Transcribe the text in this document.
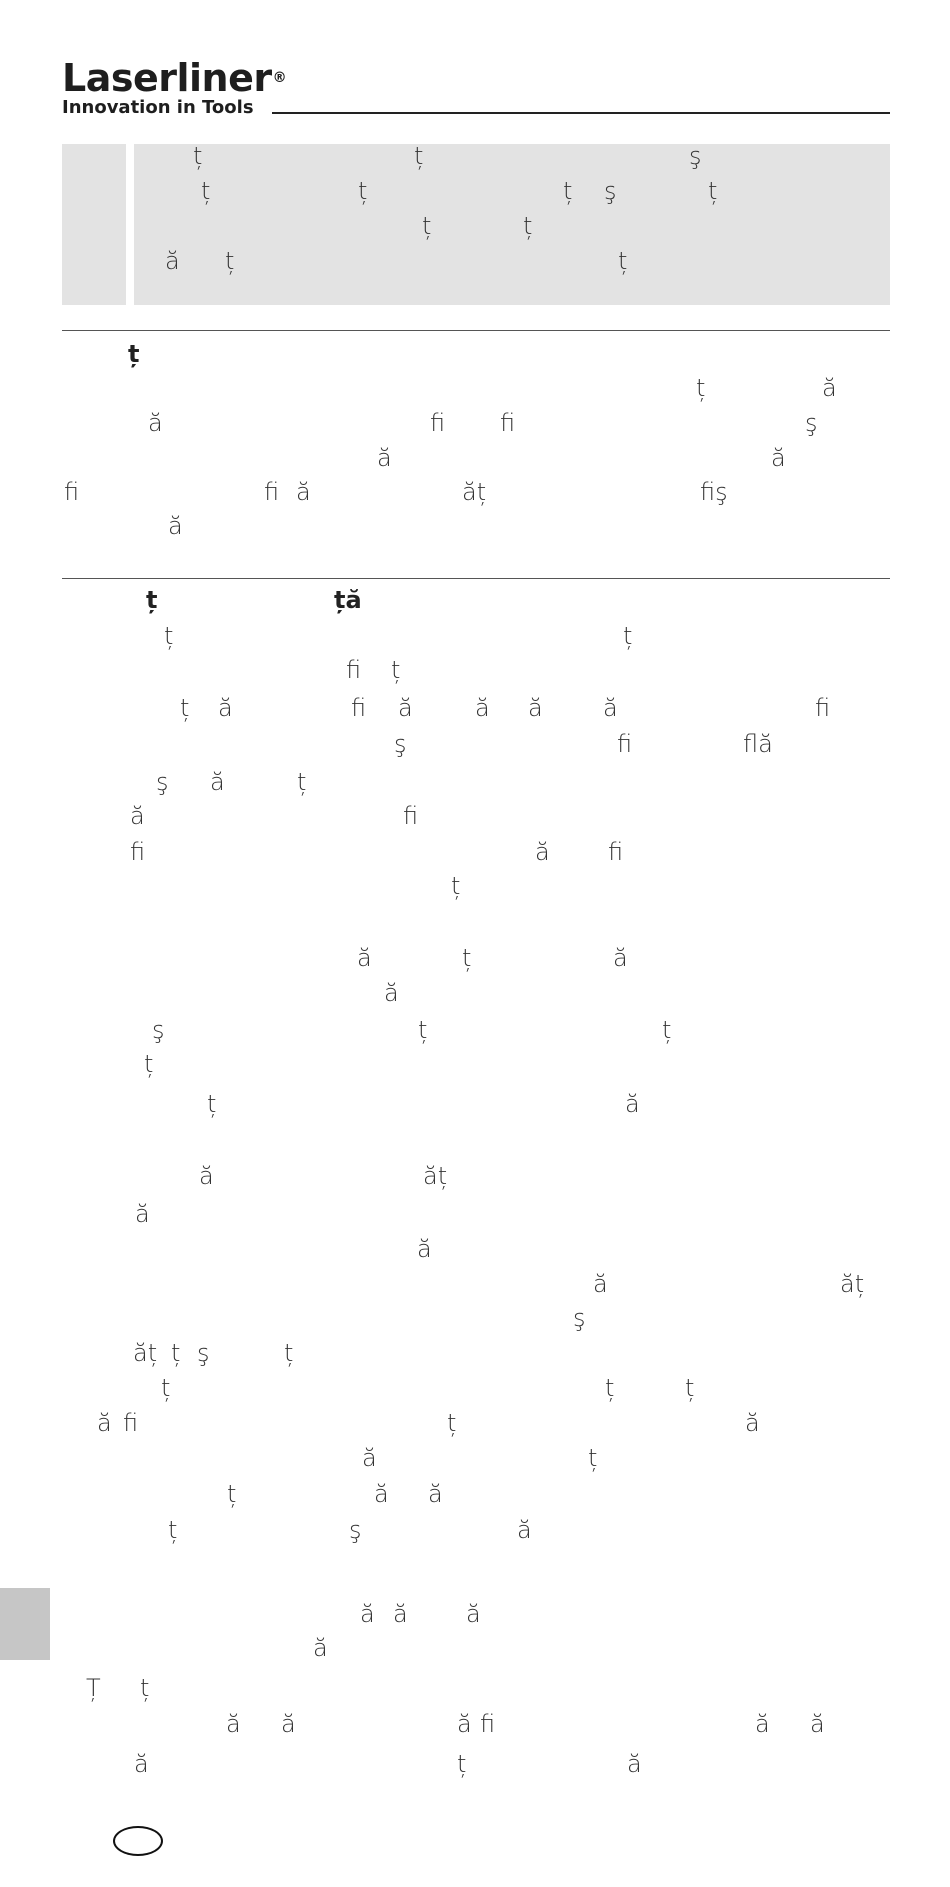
Laserliner®
Innovation in Tools
ț	ț	ş
ț	ț	ț ş	ț
ț	ț
ă ț	ț
ț
ț	ă
ă	fi fi	ş
ă	ă
fi	fi ă	ăț	fiş
ă
ț	ță
ț	ț
fi ț
ț ă	fi ă	ă ă	ă	fi
ş	fi	flă
ş ă	ț
ă	fi
fi	ă fi
ț
ă	ț	ă
ă
ş	ț	ț
ț
ț	ă
ă	ăț
ă
ă
ă	ăț
ş
ăț ț ş	ț
ț	ț	ț
ă fi	ț	ă
ă	ț
ț	ă ă
ț	ş	ă
ă ă ă
ă
Ț ț
ă ă	ă fi	ă ă
ă	ț	ă
